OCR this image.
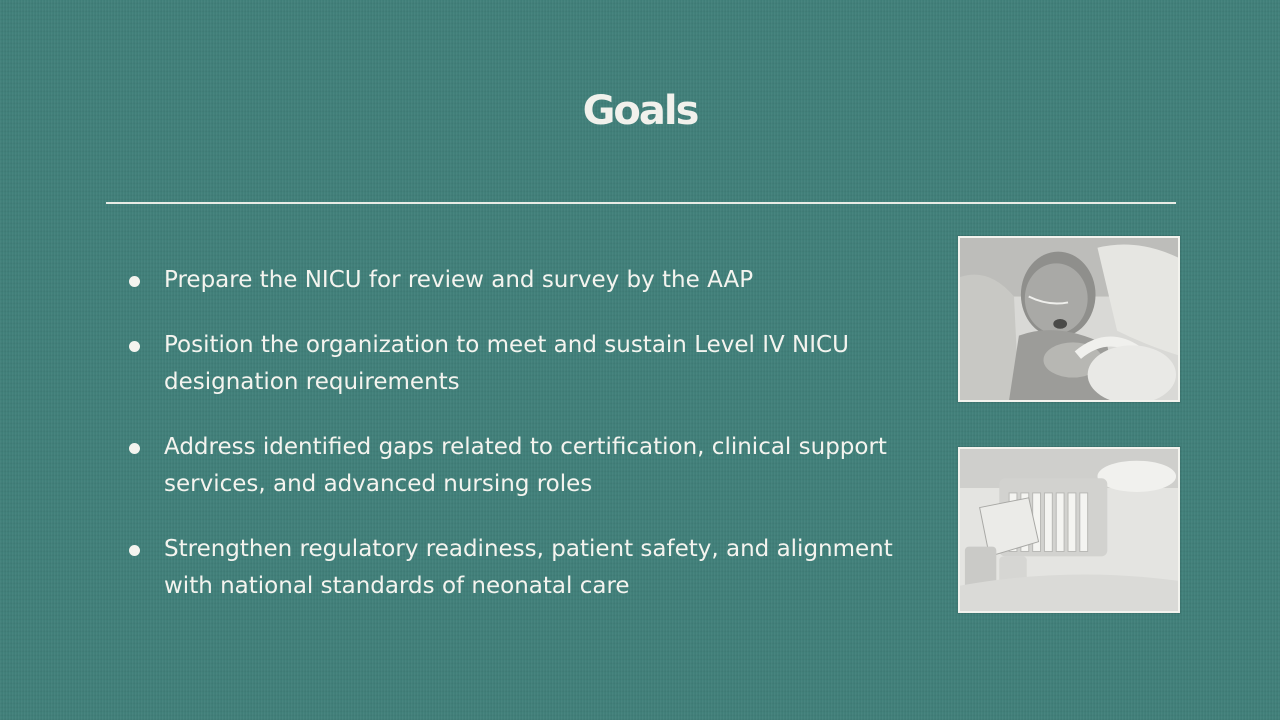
Goals
Prepare the NICU for review and survey by the AAP
Position the organization to meet and sustain Level IV NICU designation requirements
Address identified gaps related to certification, clinical support services, and advanced nursing roles
Strengthen regulatory readiness, patient safety, and alignment with national standards of neonatal care
